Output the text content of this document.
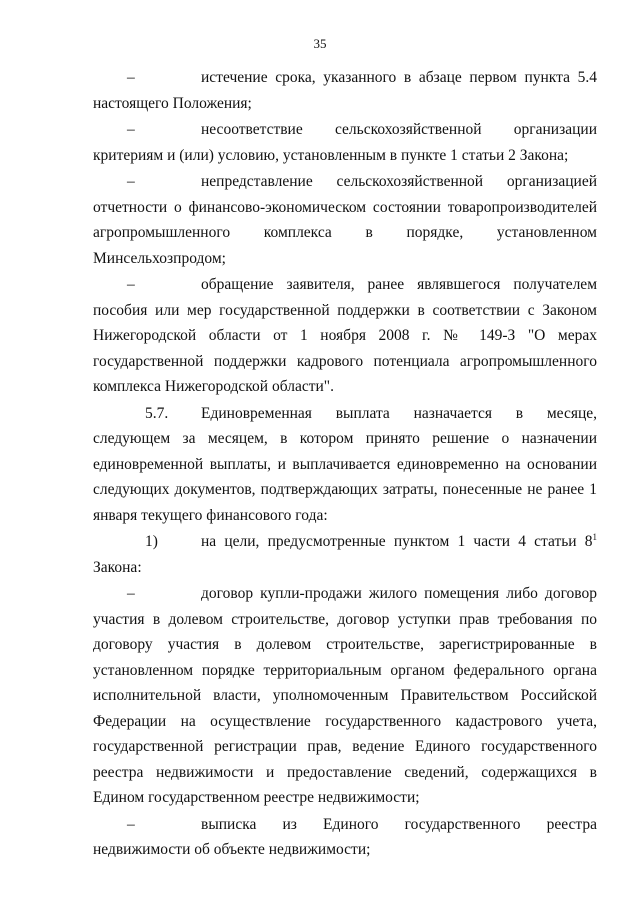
35

–	истечение срока, указанного в абзаце первом пункта 5.4 настоящего Положения;

–	несоответствие сельскохозяйственной организации критериям и (или) условию, установленным в пункте 1 статьи 2 Закона;

–	непредставление сельскохозяйственной организацией отчетности о финансово-экономическом состоянии товаропроизводителей агропромышленного комплекса в порядке, установленном Минсельхозпродом;

–	обращение заявителя, ранее являвшегося получателем пособия или мер государственной поддержки в соответствии с Законом Нижегородской области от 1 ноября 2008 г. № 149-З "О мерах государственной поддержки кадрового потенциала агропромышленного комплекса Нижегородской области".

5.7. Единовременная выплата назначается в месяце, следующем за месяцем, в котором принято решение о назначении единовременной выплаты, и выплачивается единовременно на основании следующих документов, подтверждающих затраты, понесенные не ранее 1 января текущего финансового года:

1)	на цели, предусмотренные пунктом 1 части 4 статьи $8^1$ Закона:

–	договор купли-продажи жилого помещения либо договор участия в долевом строительстве, договор уступки прав требования по договору участия в долевом строительстве, зарегистрированные в установленном порядке территориальным органом федерального органа исполнительной власти, уполномоченным Правительством Российской Федерации на осуществление государственного кадастрового учета, государственной регистрации прав, ведение Единого государственного реестра недвижимости и предоставление сведений, содержащихся в Едином государственном реестре недвижимости;

–	выписка из Единого государственного реестра недвижимости об объекте недвижимости;
